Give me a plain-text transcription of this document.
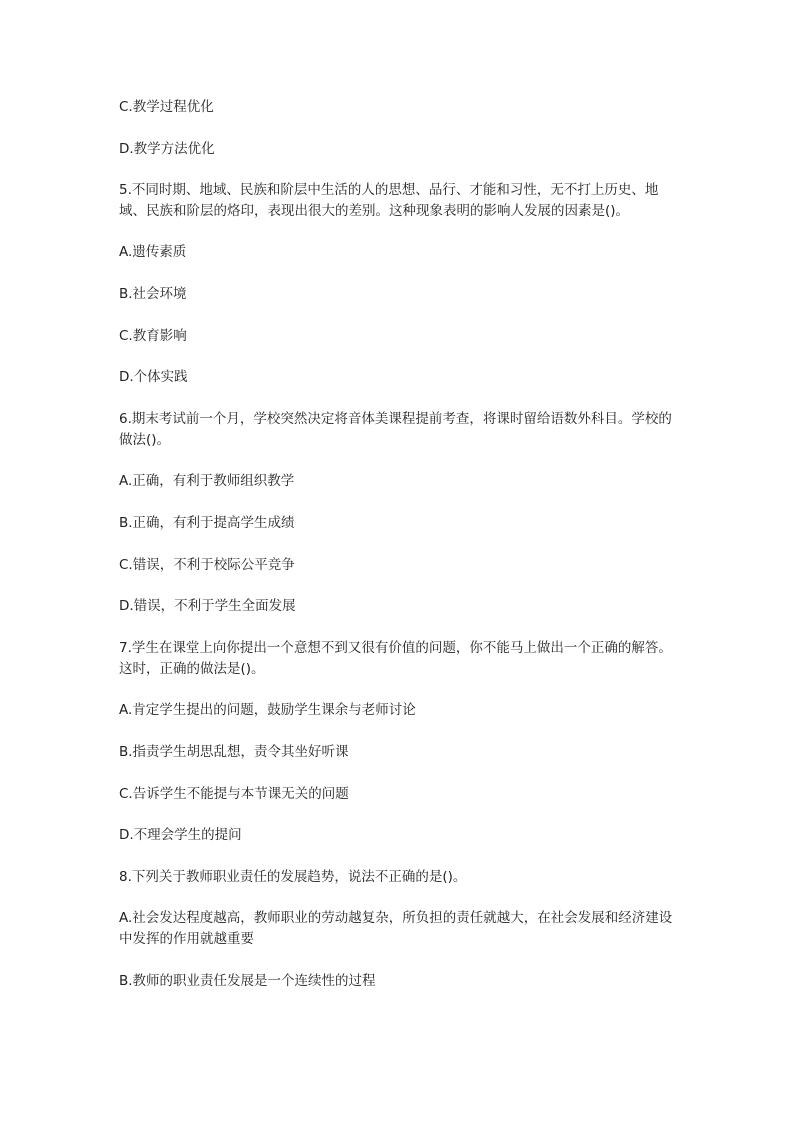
C.教学过程优化
D.教学方法优化
5.不同时期、地域、民族和阶层中生活的人的思想、品行、才能和习性，无不打上历史、地域、民族和阶层的烙印，表现出很大的差别。这种现象表明的影响人发展的因素是()。
A.遗传素质
B.社会环境
C.教育影响
D.个体实践
6.期末考试前一个月，学校突然决定将音体美课程提前考查，将课时留给语数外科目。学校的做法()。
A.正确，有利于教师组织教学
B.正确，有利于提高学生成绩
C.错误，不利于校际公平竞争
D.错误，不利于学生全面发展
7.学生在课堂上向你提出一个意想不到又很有价值的问题，你不能马上做出一个正确的解答。这时，正确的做法是()。
A.肯定学生提出的问题，鼓励学生课余与老师讨论
B.指责学生胡思乱想，责令其坐好听课
C.告诉学生不能提与本节课无关的问题
D.不理会学生的提问
8.下列关于教师职业责任的发展趋势，说法不正确的是()。
A.社会发达程度越高，教师职业的劳动越复杂，所负担的责任就越大，在社会发展和经济建设中发挥的作用就越重要
B.教师的职业责任发展是一个连续性的过程
